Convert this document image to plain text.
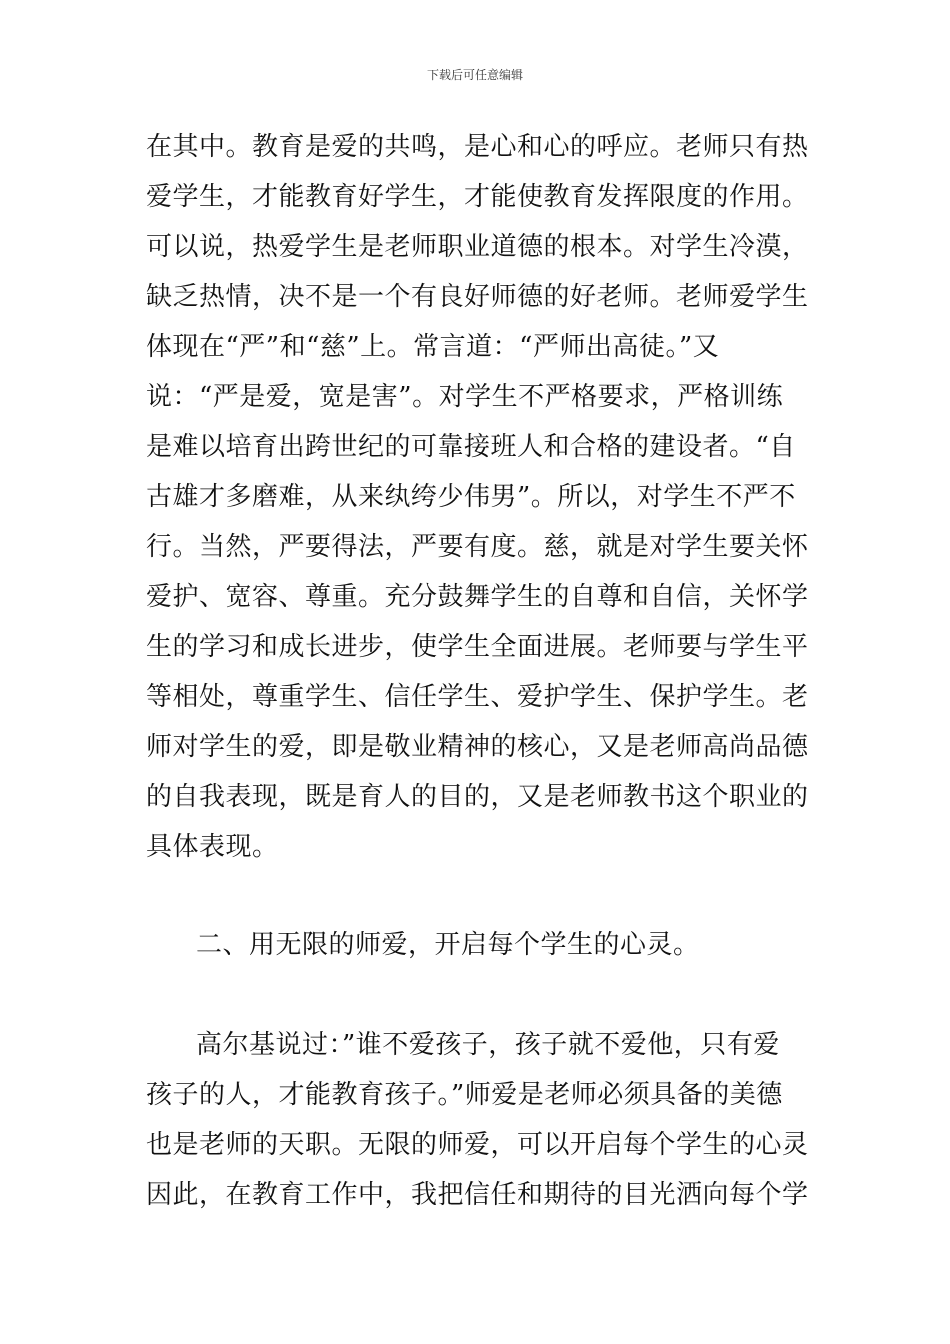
下载后可任意编辑
在其中。教育是爱的共鸣，是心和心的呼应。老师只有热
爱学生，才能教育好学生，才能使教育发挥限度的作用。
可以说，热爱学生是老师职业道德的根本。对学生冷漠，
缺乏热情，决不是一个有良好师德的好老师。老师爱学生
体现在“严”和“慈”上。常言道：“严师出高徒。”又
说：“严是爱，宽是害”。对学生不严格要求，严格训练
是难以培育出跨世纪的可靠接班人和合格的建设者。“自
古雄才多磨难，从来纨绔少伟男”。所以，对学生不严不
行。当然，严要得法，严要有度。慈，就是对学生要关怀
爱护、宽容、尊重。充分鼓舞学生的自尊和自信，关怀学
生的学习和成长进步，使学生全面进展。老师要与学生平
等相处，尊重学生、信任学生、爱护学生、保护学生。老
师对学生的爱，即是敬业精神的核心，又是老师高尚品德
的自我表现，既是育人的目的，又是老师教书这个职业的
具体表现。
二、用无限的师爱，开启每个学生的心灵。
高尔基说过：”谁不爱孩子，孩子就不爱他，只有爱
孩子的人，才能教育孩子。”师爱是老师必须具备的美德
也是老师的天职。无限的师爱，可以开启每个学生的心灵
因此，在教育工作中，我把信任和期待的目光洒向每个学
